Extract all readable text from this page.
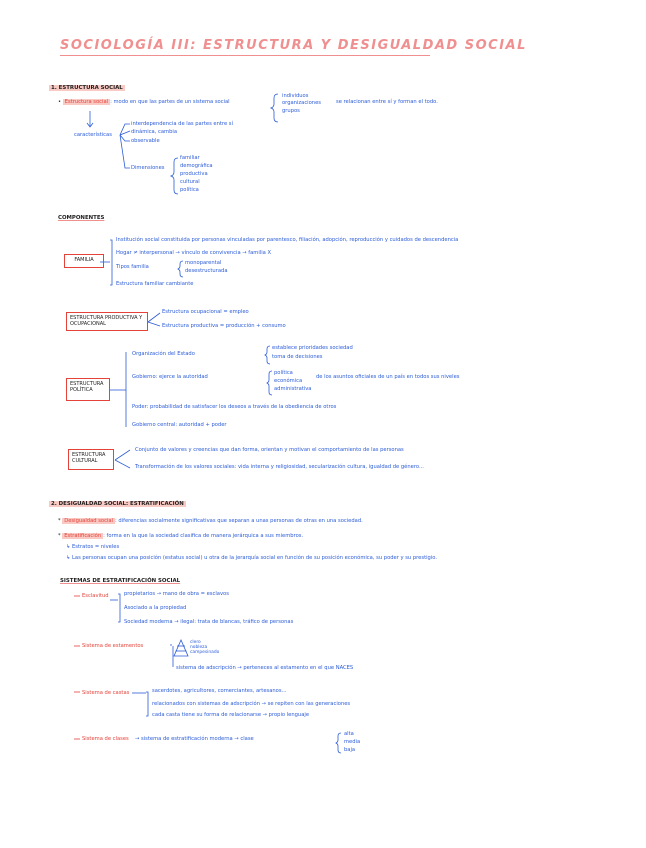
SOCIOLOGÍA III: ESTRUCTURA Y DESIGUALDAD SOCIAL
1. ESTRUCTURA SOCIAL
• Estructura social : modo en que las partes de un sistema social
individuos
organizaciones
grupos
se relacionan entre sí y forman el todo.
características
interdependencia de las partes entre sí
dinámica, cambia
observable
Dimensiones
familiar
demográfica
productiva
cultural
política
COMPONENTES
FAMILIA
Institución social constituida por personas vinculadas por parentesco, filiación, adopción, reproducción y cuidados de descendencia
Hogar ≠ interpersonal → vínculo de convivencia → familia X
Tipos familia
monoparental
desestructurada
Estructura familiar cambiante
ESTRUCTURA PRODUCTIVA Y OCUPACIONAL
Estructura ocupacional = empleo
Estructura productiva = producción + consumo
ESTRUCTURA POLÍTICA
Organización del Estado
establece prioridades sociedad
toma de decisiones
Gobierno: ejerce la autoridad
política
económica
administrativa
de los asuntos oficiales de un país en todos sus niveles
Poder: probabilidad de satisfacer los deseos a través de la obediencia de otros
Gobierno central: autoridad + poder
ESTRUCTURA CULTURAL
Conjunto de valores y creencias que dan forma, orientan y motivan el comportamiento de las personas
Transformación de los valores sociales: vida interna y religiosidad, secularización cultura, igualdad de género...
2. DESIGUALDAD SOCIAL: ESTRATIFICACIÓN
* Desigualdad social : diferencias socialmente significativas que separan a unas personas de otras en una sociedad.
* Estratificación : forma en la que la sociedad clasifica de manera jerárquica a sus miembros.
↳ Estratos = niveles
↳ Las personas ocupan una posición (estatus social) u otra de la jerarquía social en función de su posición económica, su poder y su prestigio.
SISTEMAS DE ESTRATIFICACIÓN SOCIAL
Esclavitud	propietarios → mano de obra = esclavos
Asociado a la propiedad
Sociedad moderna → ilegal: trata de blancas, tráfico de personas
Sistema de estamentos
clero
nobleza
campesinado
sistema de adscripción → perteneces al estamento en el que NACES
Sistema de castas	sacerdotes, agricultores, comerciantes, artesanos...
relacionados con sistemas de adscripción → se repiten con las generaciones
cada casta tiene su forma de relacionarse → propio lenguaje
Sistema de clases → sistema de estratificación moderna → clase
alta
media
baja
